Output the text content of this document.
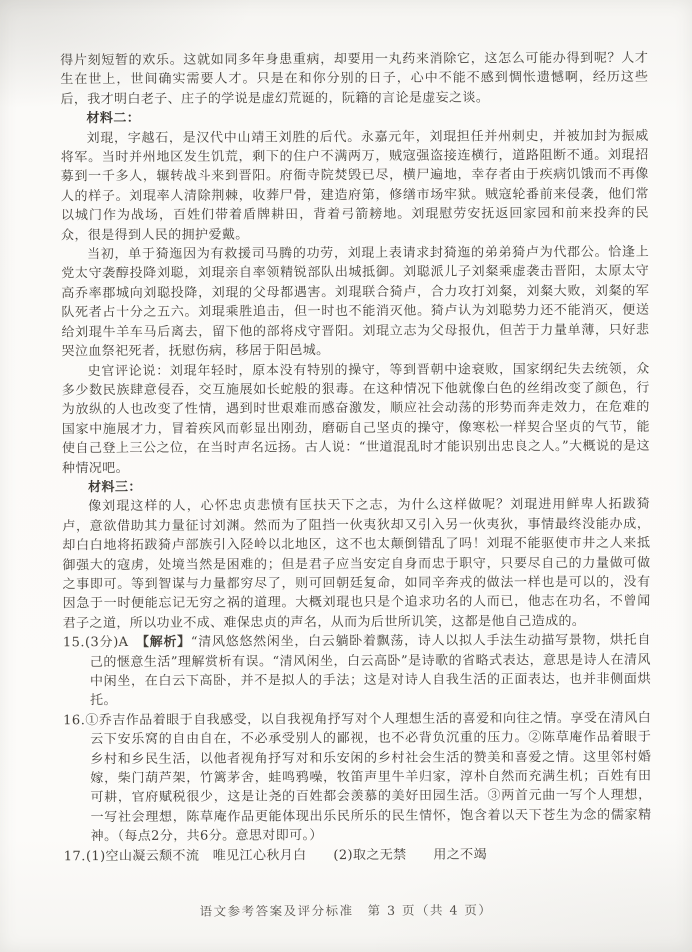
得片刻短暂的欢乐。这就如同多年身患重病，却要用一丸药来消除它，这怎么可能办得到呢？人才生在世上，世间确实需要人才。只是在和你分别的日子，心中不能不感到惆怅遗憾啊，经历这些后，我才明白老子、庄子的学说是虚幻荒诞的，阮籍的言论是虚妄之谈。

材料二：

刘琨，字越石，是汉代中山靖王刘胜的后代。永嘉元年，刘琨担任并州刺史，并被加封为振威将军。当时并州地区发生饥荒，剩下的住户不满两万，贼寇强盗接连横行，道路阻断不通。刘琨招募到一千多人，辗转战斗来到晋阳。府衙寺院焚毁已尽，横尸遍地，幸存者由于疾病饥饿而不再像人的样子。刘琨率人清除荆棘，收葬尸骨，建造府第，修缮市场牢狱。贼寇轮番前来侵袭，他们常以城门作为战场，百姓们带着盾牌耕田，背着弓箭耪地。刘琨慰劳安抚返回家园和前来投奔的民众，很是得到人民的拥护爱戴。

当初，单于猗迤因为有救援司马腾的功劳，刘琨上表请求封猗迤的弟弟猗卢为代郡公。恰逢上党太守袭醇投降刘聪，刘琨亲自率领精锐部队出城抵御。刘聪派儿子刘粲乘虚袭击晋阳，太原太守高乔率郡城向刘聪投降，刘琨的父母都遇害。刘琨联合猗卢，合力攻打刘粲，刘粲大败，刘粲的军队死者占十分之五六。刘琨乘胜追击，但一时也不能消灭他。猗卢认为刘聪势力还不能消灭，便送给刘琨牛羊车马后离去，留下他的部将戍守晋阳。刘琨立志为父母报仇，但苦于力量单薄，只好悲哭泣血祭祀死者，抚慰伤病，移居于阳邑城。

史官评论说：刘琨年轻时，原本没有特别的操守，等到晋朝中途衰败，国家纲纪失去统领，众多少数民族肆意侵吞，交互施展如长蛇般的狠毒。在这种情况下他就像白色的丝绢改变了颜色，行为放纵的人也改变了性情，遇到时世艰难而感奋激发，顺应社会动荡的形势而奔走效力，在危难的国家中施展才力，冒着疾风而彰显出刚劲，磨砺自己坚贞的操守，像寒松一样契合坚贞的气节，能使自己登上三公之位，在当时声名远扬。古人说：“世道混乱时才能识别出忠良之人。”大概说的是这种情况吧。

材料三：

像刘琨这样的人，心怀忠贞悲愤有匡扶天下之志，为什么这样做呢？刘琨进用鲜卑人拓跋猗卢，意欲借助其力量征讨刘渊。然而为了阻挡一伙夷狄却又引入另一伙夷狄，事情最终没能办成，却白白地将拓跋猗卢部族引入陉岭以北地区，这不也太颠倒错乱了吗！刘琨不能驱使市井之人来抵御强大的寇虏，处境当然是困难的；但是君子应当安定自身而忠于职守，只要尽自己的力量做可做之事即可。等到智谋与力量都穷尽了，则可回朝廷复命，如同辛奔戎的做法一样也是可以的，没有因急于一时便能忘记无穷之祸的道理。大概刘琨也只是个追求功名的人而已，他志在功名，不曾闻君子之道，所以功业不成、难保忠贞的声名，从而为后世所讥笑，这都是他自己造成的。

15.(3分)A　 【解析】“清风悠悠然闲坐，白云躺卧着飘荡，诗人以拟人手法生动描写景物，烘托自己的惬意生活”理解赏析有误。“清风闲坐，白云高卧”是诗歌的省略式表达，意思是诗人在清风中闲坐，在白云下高卧，并不是拟人的手法；这是对诗人自我生活的正面表达，也并非侧面烘托。

16.①乔吉作品着眼于自我感受，以自我视角抒写对个人理想生活的喜爱和向往之情。享受在清风白云下安乐窝的自由自在，不必承受别人的鄙视，也不必背负沉重的压力。②陈草庵作品着眼于乡村和乡民生活，以他者视角抒写对和乐安闲的乡村社会生活的赞美和喜爱之情。这里邻村婚嫁，柴门葫芦架，竹篱茅舍，蛙鸣鸦噪，牧笛声里牛羊归家，淳朴自然而充满生机；百姓有田可耕，官府赋税很少，这是让尧的百姓都会羡慕的美好田园生活。③两首元曲一写个人理想，一写社会理想，陈草庵作品更能体现出乐民所乐的民生情怀，饱含着以天下苍生为念的儒家精神。（每点2分，共6分。意思对即可。）

17.(1)空山凝云颓不流　唯见江心秋月白　　(2)取之无禁　　用之不竭

语文参考答案及评分标准　第 3 页（共 4 页）
